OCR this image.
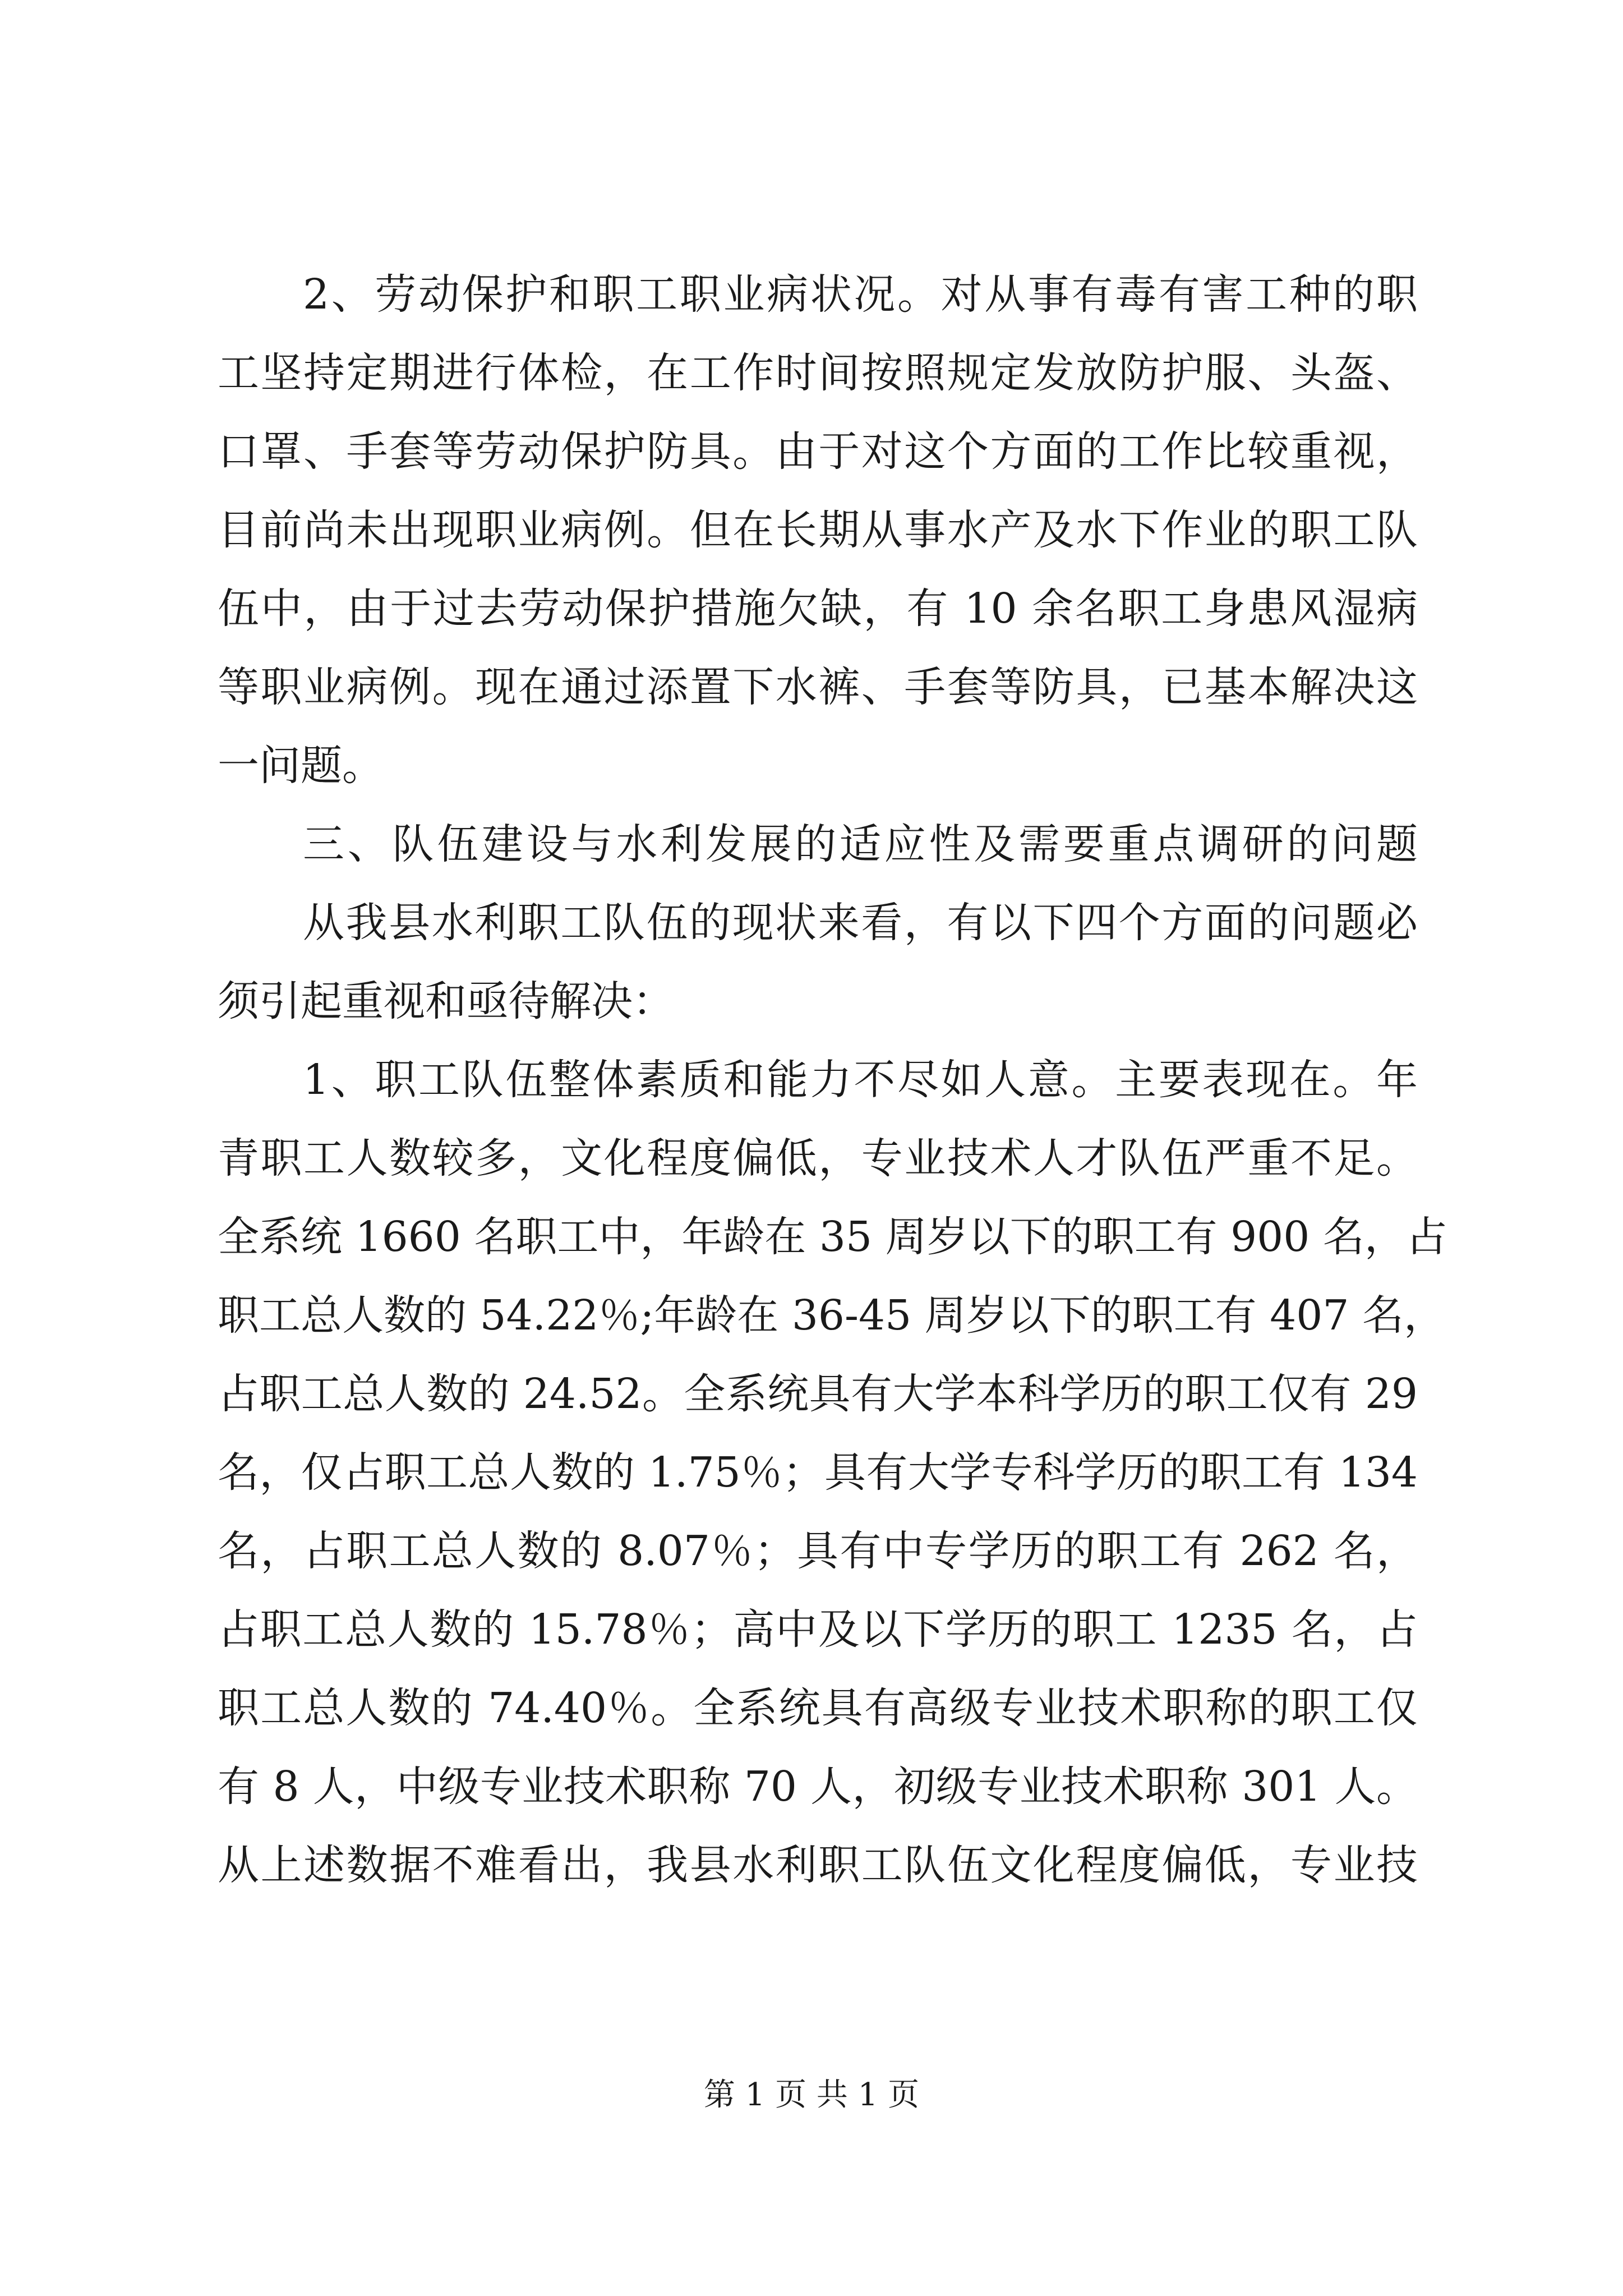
2、劳动保护和职工职业病状况。对从事有毒有害工种的职
工坚持定期进行体检，在工作时间按照规定发放防护服、头盔、
口罩、手套等劳动保护防具。由于对这个方面的工作比较重视，
目前尚未出现职业病例。但在长期从事水产及水下作业的职工队
伍中，由于过去劳动保护措施欠缺，有 10 余名职工身患风湿病
等职业病例。现在通过添置下水裤、手套等防具，已基本解决这
一问题。
三、队伍建设与水利发展的适应性及需要重点调研的问题
从我县水利职工队伍的现状来看，有以下四个方面的问题必
须引起重视和亟待解决：
1、职工队伍整体素质和能力不尽如人意。主要表现在。年
青职工人数较多，文化程度偏低，专业技术人才队伍严重不足。
全系统 1660 名职工中，年龄在 35 周岁以下的职工有 900 名，占
职工总人数的 54.22％;年龄在 36-45 周岁以下的职工有 407 名，
占职工总人数的 24.52。全系统具有大学本科学历的职工仅有 29
名，仅占职工总人数的 1.75％；具有大学专科学历的职工有 134
名，占职工总人数的 8.07％；具有中专学历的职工有 262 名，
占职工总人数的 15.78％；高中及以下学历的职工 1235 名，占
职工总人数的 74.40％。全系统具有高级专业技术职称的职工仅
有 8 人，中级专业技术职称 70 人，初级专业技术职称 301 人。
从上述数据不难看出，我县水利职工队伍文化程度偏低，专业技
第 1 页 共 1 页
